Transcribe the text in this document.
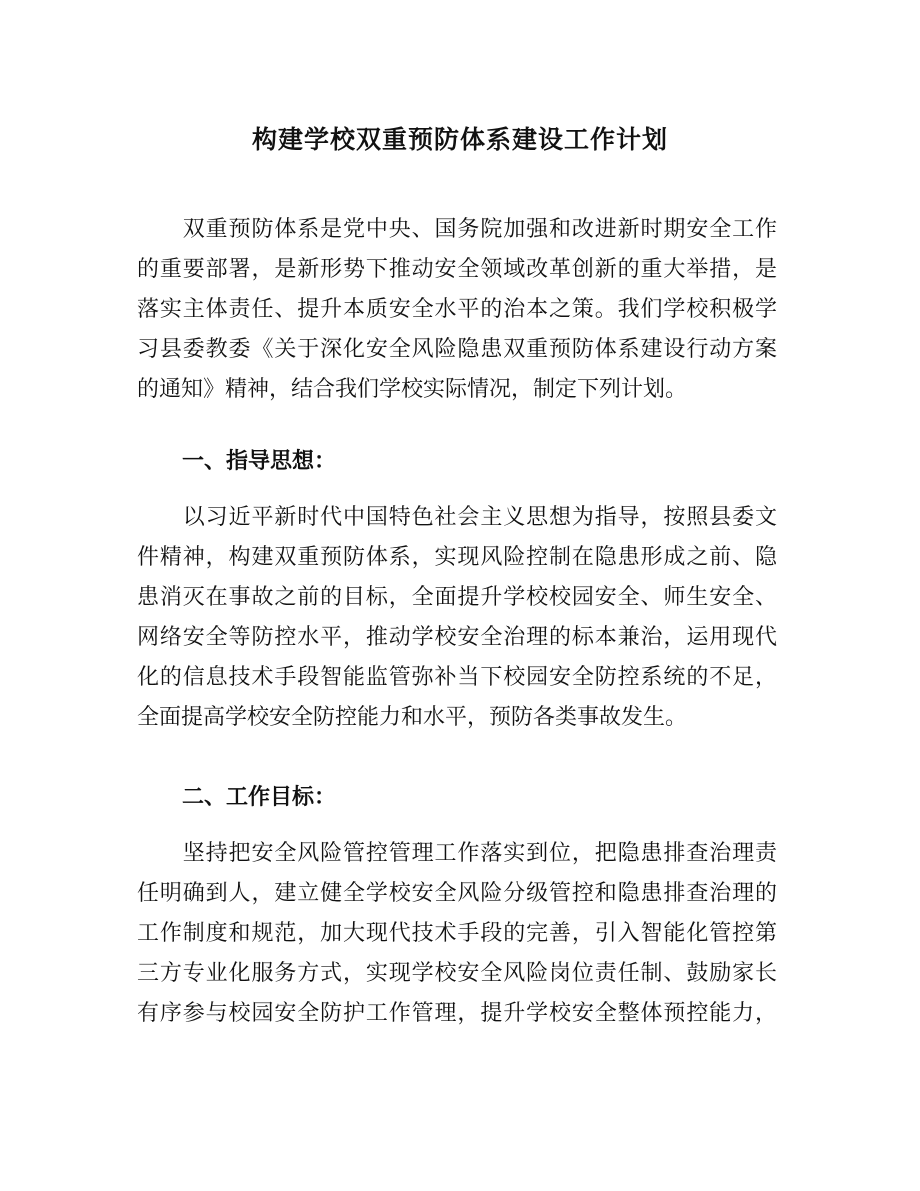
构建学校双重预防体系建设工作计划
　　双重预防体系是党中央、国务院加强和改进新时期安全工作
的重要部署，是新形势下推动安全领域改革创新的重大举措，是
落实主体责任、提升本质安全水平的治本之策。我们学校积极学
习县委教委《关于深化安全风险隐患双重预防体系建设行动方案
的通知》精神，结合我们学校实际情况，制定下列计划。
一、指导思想：
　　以习近平新时代中国特色社会主义思想为指导，按照县委文
件精神，构建双重预防体系，实现风险控制在隐患形成之前、隐
患消灭在事故之前的目标，全面提升学校校园安全、师生安全、
网络安全等防控水平，推动学校安全治理的标本兼治，运用现代
化的信息技术手段智能监管弥补当下校园安全防控系统的不足，
全面提高学校安全防控能力和水平，预防各类事故发生。
二、工作目标：
　　坚持把安全风险管控管理工作落实到位，把隐患排查治理责
任明确到人，建立健全学校安全风险分级管控和隐患排查治理的
工作制度和规范，加大现代技术手段的完善，引入智能化管控第
三方专业化服务方式，实现学校安全风险岗位责任制、鼓励家长
有序参与校园安全防护工作管理，提升学校安全整体预控能力，
